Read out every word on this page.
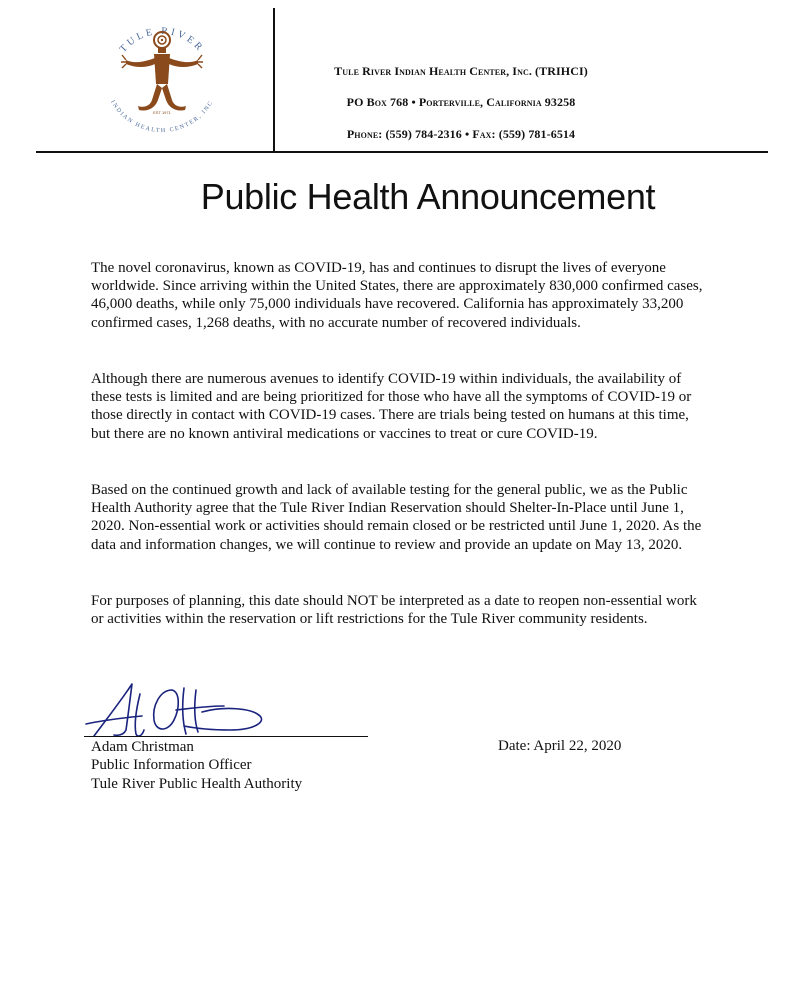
TULE RIVER
INDIAN HEALTH CENTER, INC
EST 1971
Tule River Indian Health Center, Inc. (TRIHCI)
PO Box 768 • Porterville, California 93258
Phone: (559) 784-2316 • Fax: (559) 781-6514
Public Health Announcement

The novel coronavirus, known as COVID-19, has and continues to disrupt the lives of everyone worldwide. Since arriving within the United States, there are approximately 830,000 confirmed cases, 46,000 deaths, while only 75,000 individuals have recovered. California has approximately 33,200 confirmed cases, 1,268 deaths, with no accurate number of recovered individuals.

Although there are numerous avenues to identify COVID-19 within individuals, the availability of these tests is limited and are being prioritized for those who have all the symptoms of COVID-19 or those directly in contact with COVID-19 cases. There are trials being tested on humans at this time, but there are no known antiviral medications or vaccines to treat or cure COVID-19.

Based on the continued growth and lack of available testing for the general public, we as the Public Health Authority agree that the Tule River Indian Reservation should Shelter-In-Place until June 1, 2020. Non-essential work or activities should remain closed or be restricted until June 1, 2020. As the data and information changes, we will continue to review and provide an update on May 13, 2020.

For purposes of planning, this date should NOT be interpreted as a date to reopen non-essential work or activities within the reservation or lift restrictions for the Tule River community residents.

Adam Christman
Public Information Officer
Tule River Public Health Authority
Date: April 22, 2020
